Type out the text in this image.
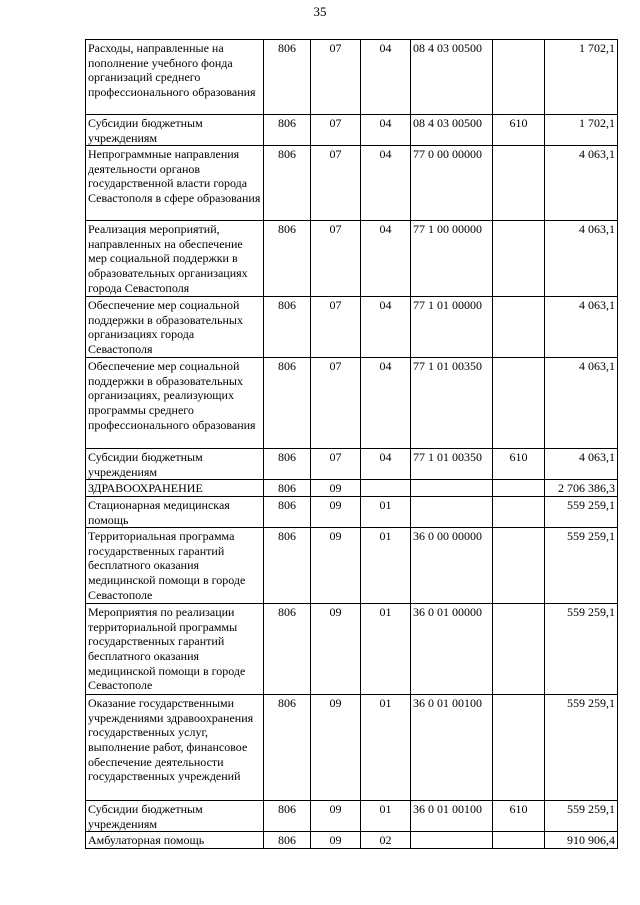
35
Расходы, направленные на пополнение учебного фонда организаций среднего профессионального образования	806	07	04	08 4 03 00500		1 702,1
Субсидии бюджетным учреждениям	806	07	04	08 4 03 00500	610	1 702,1
Непрограммные направления деятельности органов государственной власти города Севастополя в сфере образования	806	07	04	77 0 00 00000		4 063,1
Реализация мероприятий, направленных на обеспечение мер социальной поддержки в образовательных организациях города Севастополя	806	07	04	77 1 00 00000		4 063,1
Обеспечение мер социальной поддержки в образовательных организациях города Севастополя	806	07	04	77 1 01 00000		4 063,1
Обеспечение мер социальной поддержки в образовательных организациях, реализующих программы среднего профессионального образования	806	07	04	77 1 01 00350		4 063,1
Субсидии бюджетным учреждениям	806	07	04	77 1 01 00350	610	4 063,1
ЗДРАВООХРАНЕНИЕ	806	09				2 706 386,3
Стационарная медицинская помощь	806	09	01			559 259,1
Территориальная программа государственных гарантий бесплатного оказания медицинской помощи в городе Севастополе	806	09	01	36 0 00 00000		559 259,1
Мероприятия по реализации территориальной программы государственных гарантий бесплатного оказания медицинской помощи в городе Севастополе	806	09	01	36 0 01 00000		559 259,1
Оказание государственными учреждениями здравоохранения государственных услуг, выполнение работ, финансовое обеспечение деятельности государственных учреждений	806	09	01	36 0 01 00100		559 259,1
Субсидии бюджетным учреждениям	806	09	01	36 0 01 00100	610	559 259,1
Амбулаторная помощь	806	09	02			910 906,4
